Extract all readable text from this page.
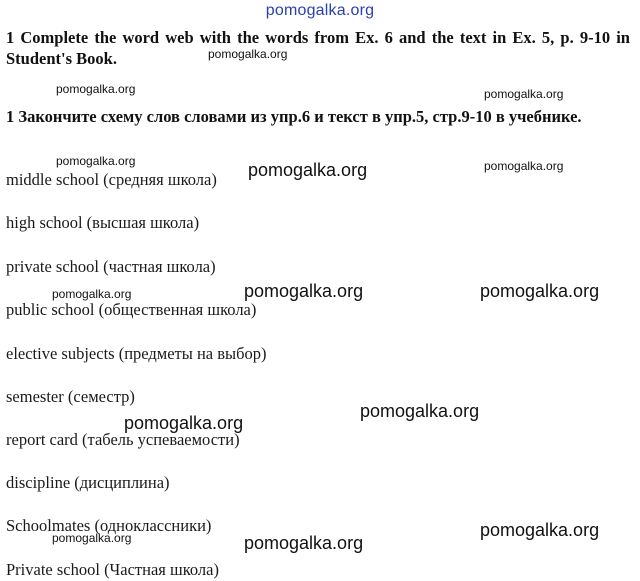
pomogalka.org
1 Complete the word web with the words from Ex. 6 and the text in Ex. 5, p. 9-10 in Student's Book.
1 Закончите схему слов словами из упр.6 и текст в упр.5, стр.9-10 в учебнике.
middle school (средняя школа)
high school (высшая школа)
private school (частная школа)
public school (общественная школа)
elective subjects (предметы на выбор)
semester (семестр)
report card (табель успеваемости)
discipline (дисциплина)
Schoolmates (одноклассники)
Private school (Частная школа)
pomogalka.org
pomogalka.org	pomogalka.org
pomogalka.org	pomogalka.org
pomogalka.org
pomogalka.org	pomogalka.org	pomogalka.org
pomogalka.org
pomogalka.org
pomogalka.org
pomogalka.org	pomogalka.org
